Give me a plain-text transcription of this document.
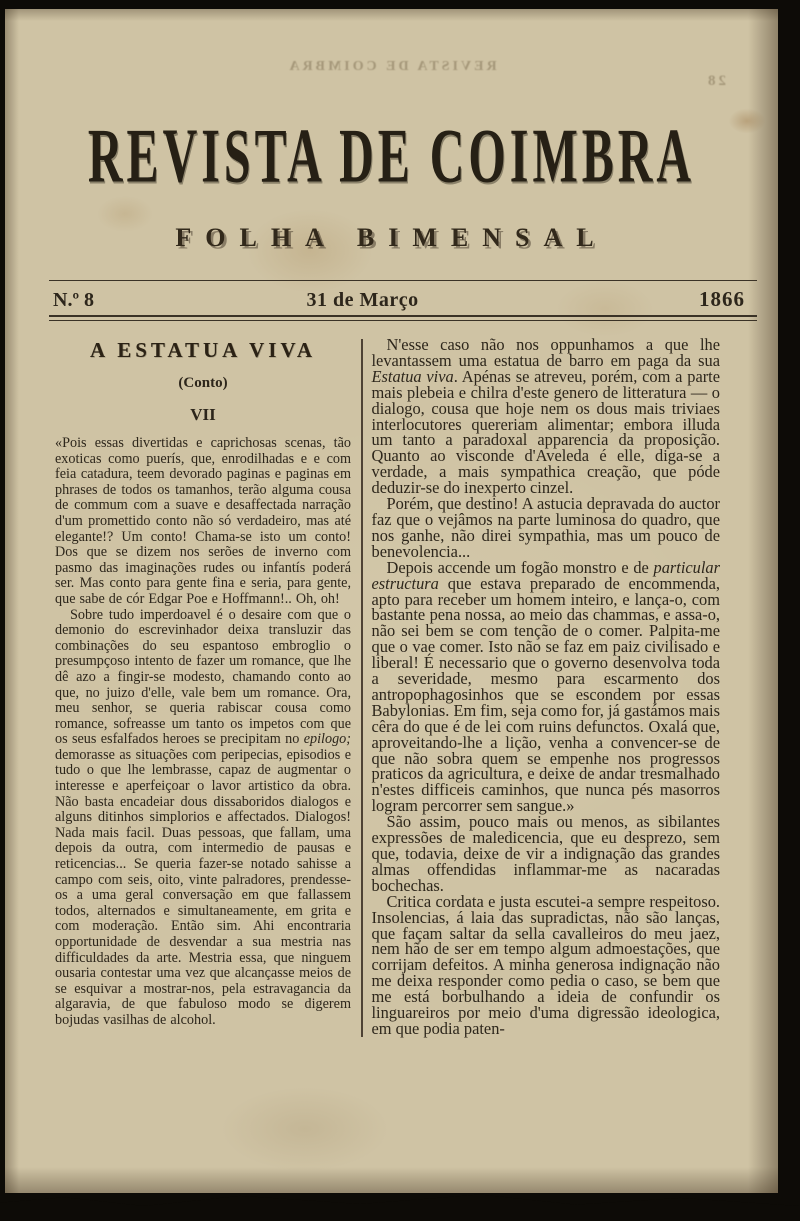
REVISTA DE COIMBRA
28
REVISTA DE COIMBRA
FOLHA BIMENSAL
N.º 8	31 de Março	1866
A ESTATUA VIVA
(Conto)
VII

«Pois essas divertidas e caprichosas scenas, tão exoticas como puerís, que, enrodilhadas e e com feia catadura, teem devorado paginas e paginas em phrases de todos os tamanhos, terão alguma cousa de commum com a suave e desaffectada narração d'um promettido conto não só verdadeiro, mas até elegante!? Um conto! Chama-se isto um conto! Dos que se dizem nos serões de inverno com pasmo das imaginações rudes ou infantís poderá ser. Mas conto para gente fina e seria, para gente, que sabe de cór Edgar Poe e Hoffmann!.. Oh, oh!

Sobre tudo imperdoavel é o desaire com que o demonio do escrevinhador deixa transluzir das combinações do seu espantoso embroglio o presumpçoso intento de fazer um romance, que lhe dê azo a fingir-se modesto, chamando conto ao que, no juizo d'elle, vale bem um romance. Ora, meu senhor, se queria rabiscar cousa como romance, sofreasse um tanto os impetos com que os seus esfalfados heroes se precipitam no epilogo; demorasse as situações com peripecias, episodios e tudo o que lhe lembrasse, capaz de augmentar o interesse e aperfeiçoar o lavor artistico da obra. Não basta encadeiar dous dissaboridos dialogos e alguns ditinhos simplorios e affectados. Dialogos! Nada mais facil. Duas pessoas, que fallam, uma depois da outra, com intermedio de pausas e reticencias... Se queria fazer-se notado sahisse a campo com seis, oito, vinte palradores, prendesse-os a uma geral conversação em que fallassem todos, alternados e simultaneamente, em grita e com moderação. Então sim. Ahi encontraria opportunidade de desvendar a sua mestria nas difficuldades da arte. Mestria essa, que ninguem ousaria contestar uma vez que alcançasse meios de se esquivar a mostrar-nos, pela estravagancia da algaravia, de que fabuloso modo se digerem bojudas vasilhas de alcohol.

N'esse caso não nos oppunhamos a que lhe levantassem uma estatua de barro em paga da sua Estatua viva. Apénas se atreveu, porém, com a parte mais plebeia e chilra d'este genero de litteratura — o dialogo, cousa que hoje nem os dous mais triviaes interlocutores quereriam alimentar; embora illuda um tanto a paradoxal apparencia da proposição. Quanto ao visconde d'Aveleda é elle, diga-se a verdade, a mais sympathica creação, que póde deduzir-se do inexperto cinzel.

Porém, que destino! A astucia depravada do auctor faz que o vejâmos na parte luminosa do quadro, que nos ganhe, não direi sympathia, mas um pouco de benevolencia...

Depois accende um fogão monstro e de particular estructura que estava preparado de encommenda, apto para receber um homem inteiro, e lança-o, com bastante pena nossa, ao meio das chammas, e assa-o, não sei bem se com tenção de o comer. Palpita-me que o vae comer. Isto não se faz em paiz civilisado e liberal! É necessario que o governo desenvolva toda a severidade, mesmo para escarmento dos antropophagosinhos que se escondem por essas Babylonias. Em fim, seja como for, já gastámos mais cêra do que é de lei com ruins defunctos. Oxalá que, aproveitando-lhe a lição, venha a convencer-se de que não sobra quem se empenhe nos progressos praticos da agricultura, e deixe de andar tresmalhado n'estes difficeis caminhos, que nunca pés masorros logram percorrer sem sangue.»

São assim, pouco mais ou menos, as sibilantes expressões de maledicencia, que eu desprezo, sem que, todavia, deixe de vir a indignação das grandes almas offendidas inflammar-me as nacaradas bochechas.

Critica cordata e justa escutei-a sempre respeitoso. Insolencias, á laia das supradictas, não são lanças, que façam saltar da sella cavalleiros do meu jaez, nem hão de ser em tempo algum admoestações, que corrijam defeitos. A minha generosa indignação não me deixa responder como pedia o caso, se bem que me está borbulhando a ideia de confundir os linguareiros por meio d'uma digressão ideologica, em que podia paten-
